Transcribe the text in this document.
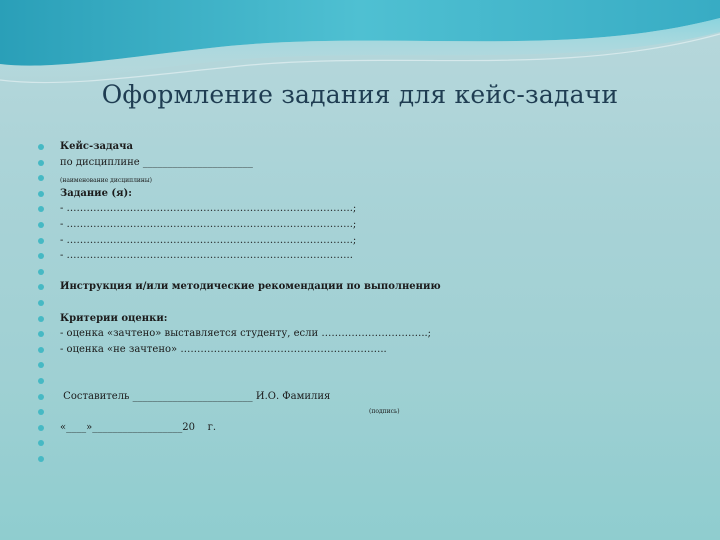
Оформление задания для кейс-задачи
Кейс-задача
по дисциплине ______________________
(наименование дисциплины)
Задание (я):
- …………………………………………………………………………..;
- …………………………………………………………………………..;
- …………………………………………………………………………..;
- …………………………………………………………………………..
Инструкция и/или методические рекомендации по выполнению
Критерии оценки:
- оценка «зачтено» выставляется студенту, если …………………………..;
- оценка «не зачтено» ……………………………………………………..
Составитель ________________________ И.О. Фамилия
(подпись)
«____»__________________20    г.
